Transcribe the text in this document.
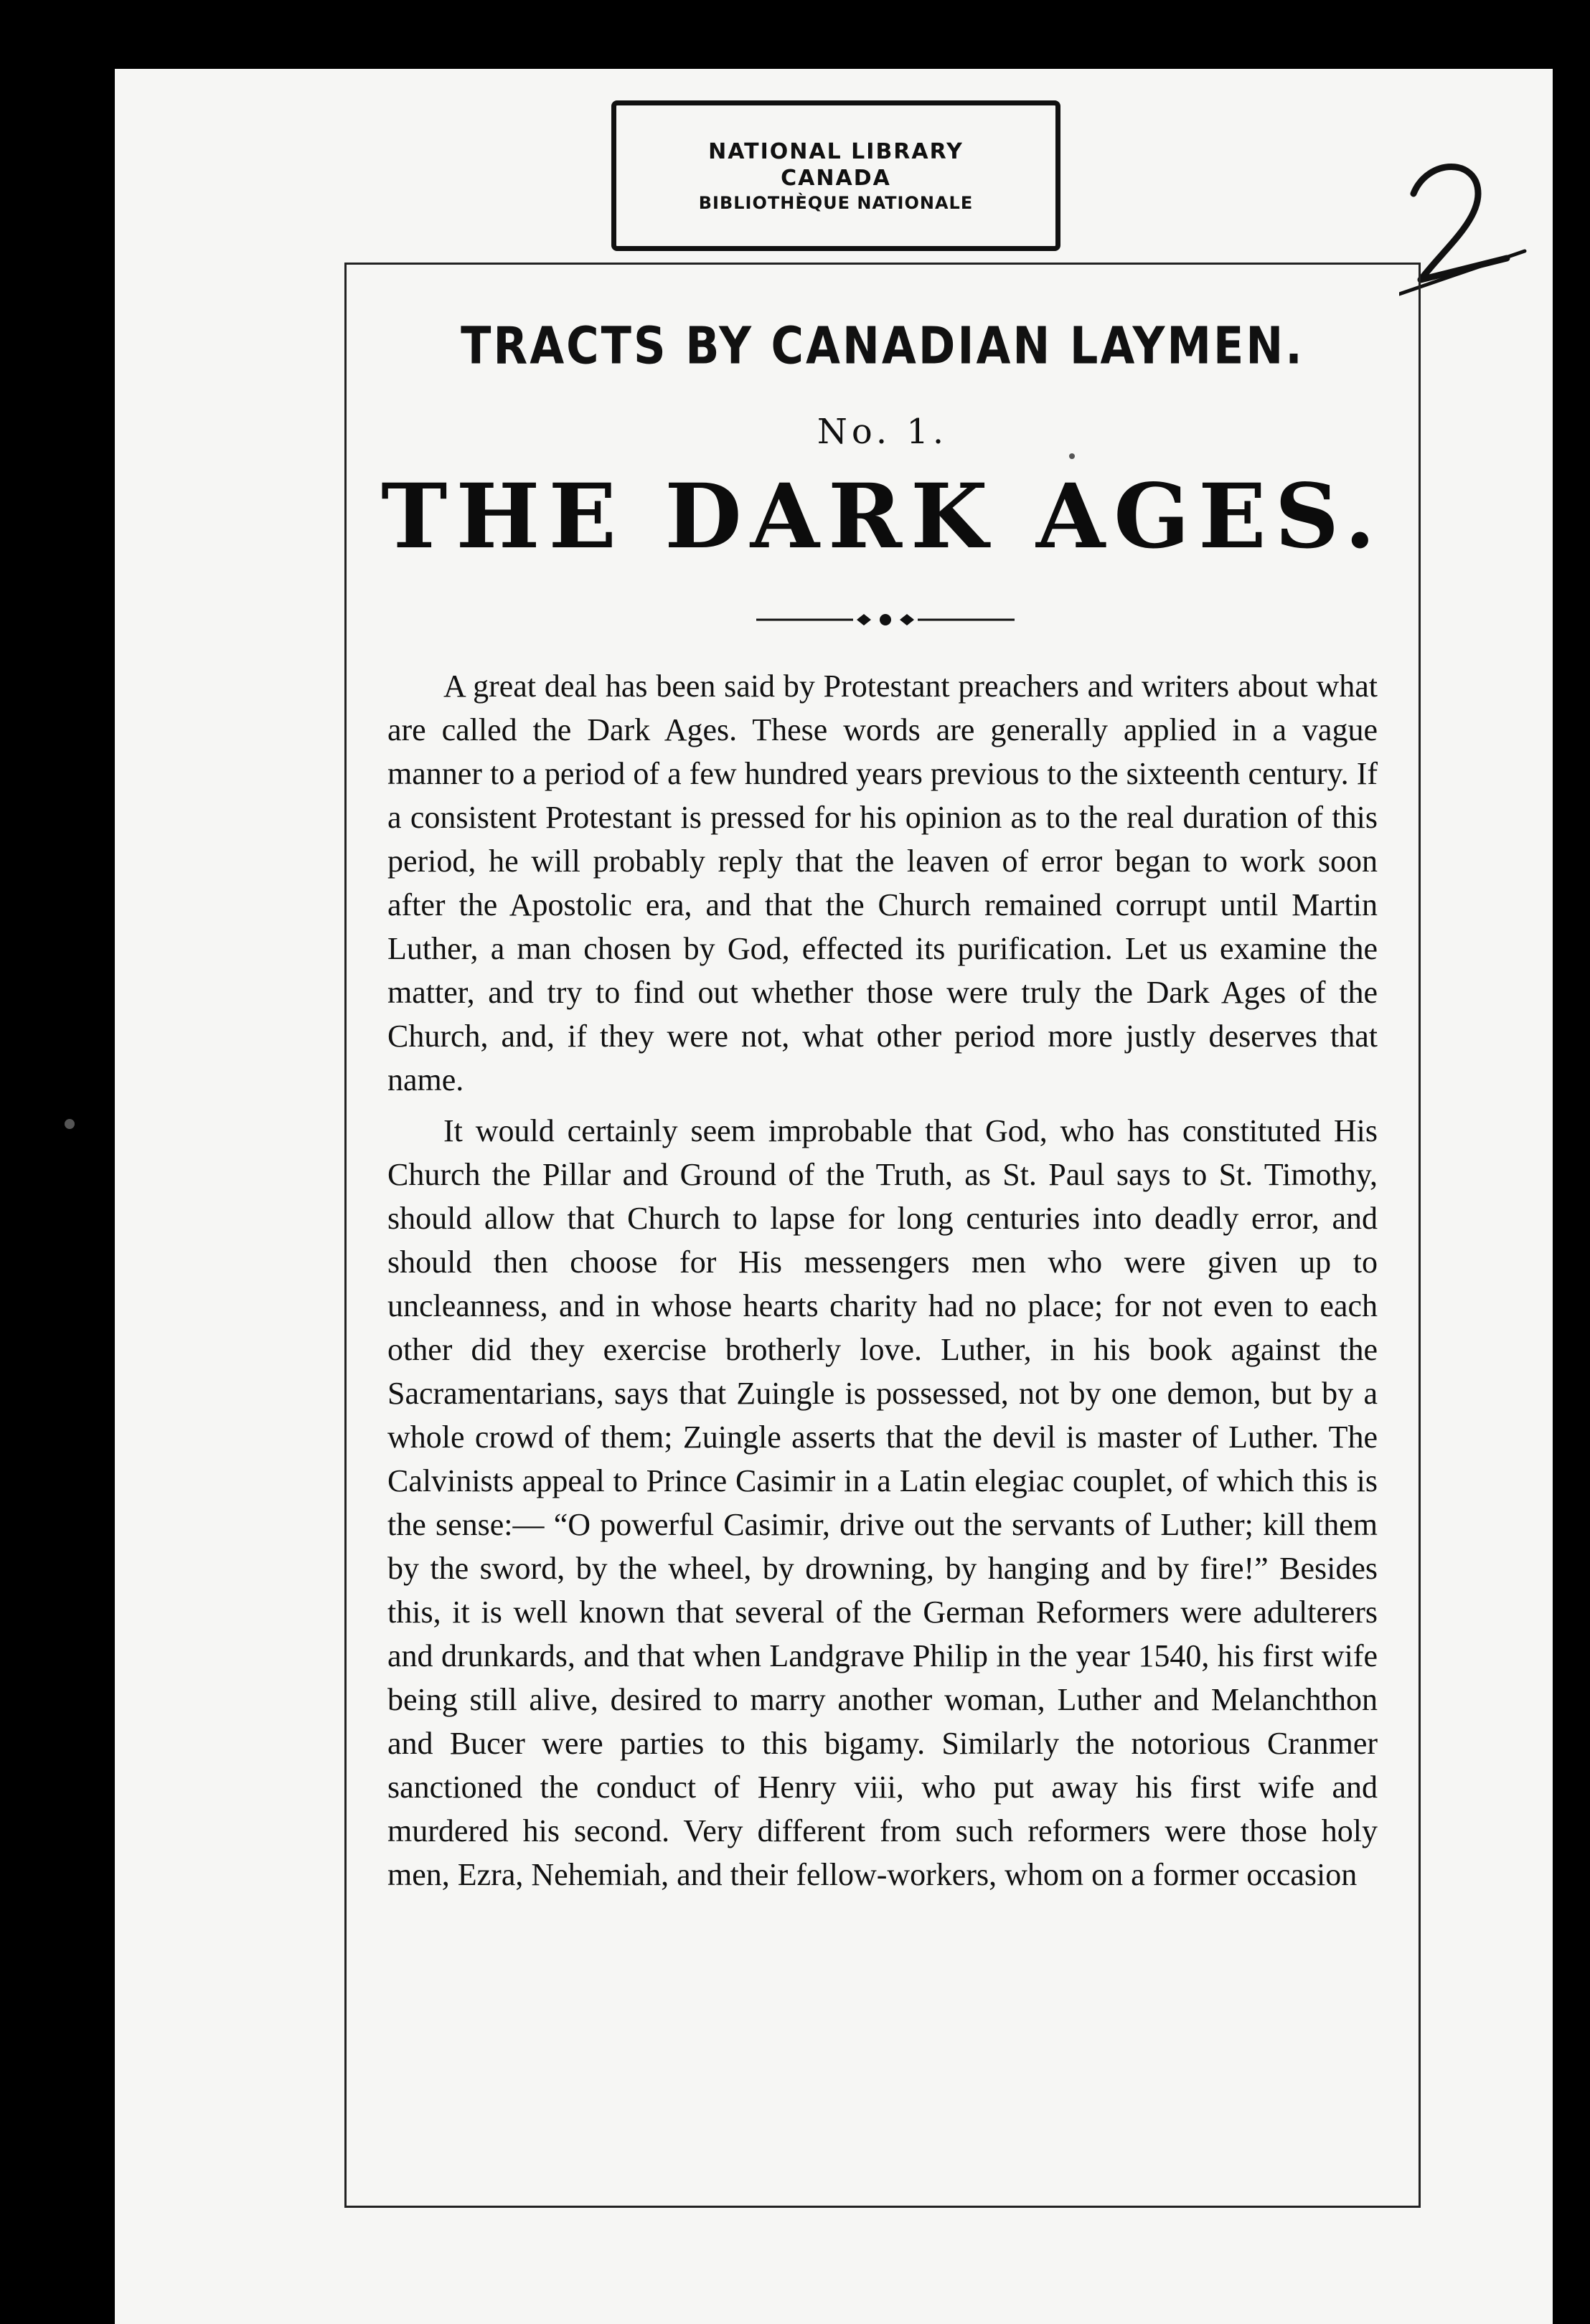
NATIONAL LIBRARY
CANADA
BIBLIOTHÈQUE NATIONALE
TRACTS BY CANADIAN LAYMEN.
No. 1.
THE DARK AGES.

A great deal has been said by Protestant preachers and writers about what are called the Dark Ages. These words are generally applied in a vague manner to a period of a few hundred years previous to the sixteenth century. If a consistent Protestant is pressed for his opinion as to the real duration of this period, he will probably reply that the leaven of error began to work soon after the Apostolic era, and that the Church remained corrupt until Martin Luther, a man chosen by God, effected its purification. Let us examine the matter, and try to find out whether those were truly the Dark Ages of the Church, and, if they were not, what other period more justly deserves that name.

It would certainly seem improbable that God, who has constituted His Church the Pillar and Ground of the Truth, as St. Paul says to St. Timothy, should allow that Church to lapse for long centuries into deadly error, and should then choose for His messengers men who were given up to uncleanness, and in whose hearts charity had no place; for not even to each other did they exercise brotherly love. Luther, in his book against the Sacramentarians, says that Zuingle is possessed, not by one demon, but by a whole crowd of them; Zuingle asserts that the devil is master of Luther. The Calvinists appeal to Prince Casimir in a Latin elegiac couplet, of which this is the sense:— “O powerful Casimir, drive out the servants of Luther; kill them by the sword, by the wheel, by drowning, by hanging and by fire!” Besides this, it is well known that several of the German Reformers were adulterers and drunkards, and that when Landgrave Philip in the year 1540, his first wife being still alive, desired to marry another woman, Luther and Melanchthon and Bucer were parties to this bigamy. Similarly the notorious Cranmer sanctioned the conduct of Henry viii, who put away his first wife and murdered his second. Very different from such reformers were those holy men, Ezra, Nehemiah, and their fellow-workers, whom on a former occasion
